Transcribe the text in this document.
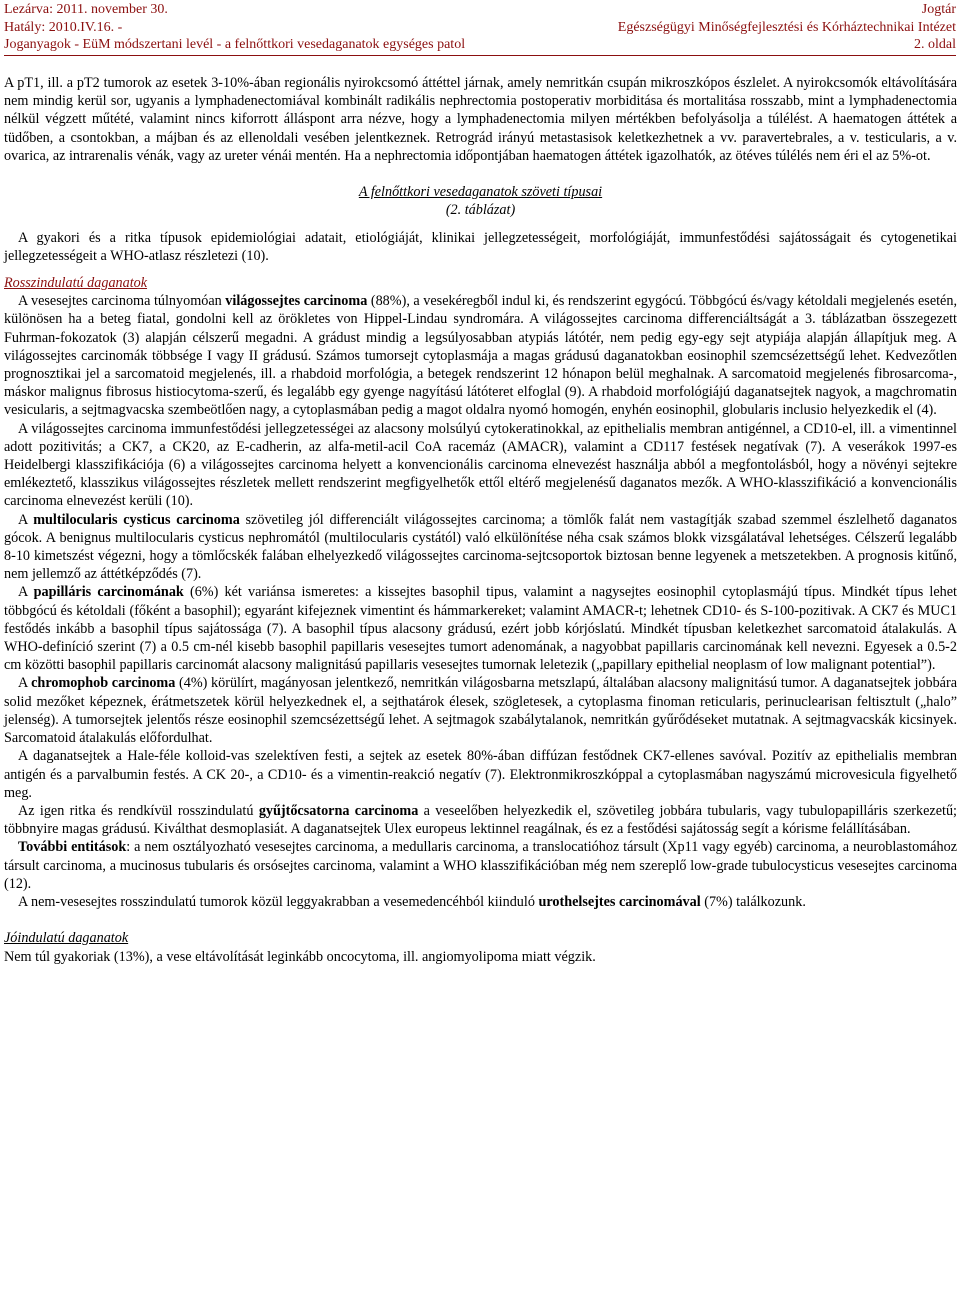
Lezárva: 2011. november 30.
Hatály: 2010.IV.16. -
Joganyagok - EüM módszertani levél - a felnőttkori vesedaganatok egységes patol
Jogtár
Egészségügyi Minőségfejlesztési és Kórháztechnikai Intézet
2. oldal

A pT1, ill. a pT2 tumorok az esetek 3-10%-ában regionális nyirokcsomó áttéttel járnak, amely nemritkán csupán mikroszkópos észlelet. A nyirokcsomók eltávolítására nem mindig kerül sor, ugyanis a lymphadenectomiával kombinált radikális nephrectomia postoperativ morbiditása és mortalitása rosszabb, mint a lymphadenectomia nélkül végzett műtété, valamint nincs kiforrott álláspont arra nézve, hogy a lymphadenectomia milyen mértékben befolyásolja a túlélést. A haematogen áttétek a tüdőben, a csontokban, a májban és az ellenoldali vesében jelentkeznek. Retrográd irányú metastasisok keletkezhetnek a vv. paravertebrales, a v. testicularis, a v. ovarica, az intrarenalis vénák, vagy az ureter vénái mentén. Ha a nephrectomia időpontjában haematogen áttétek igazolhatók, az ötéves túlélés nem éri el az 5%-ot.

A felnőttkori vesedaganatok szöveti típusai

(2. táblázat)

A gyakori és a ritka típusok epidemiológiai adatait, etiológiáját, klinikai jellegzetességeit, morfológiáját, immunfestődési sajátosságait és cytogenetikai jellegzetességeit a WHO-atlasz részletezi (10).

Rosszindulatú daganatok

A vesesejtes carcinoma túlnyomóan világossejtes carcinoma (88%), a vesekéregből indul ki, és rendszerint egygócú. Többgócú és/vagy kétoldali megjelenés esetén, különösen ha a beteg fiatal, gondolni kell az örökletes von Hippel-Lindau syndromára. A világossejtes carcinoma differenciáltságát a 3. táblázatban összegezett Fuhrman-fokozatok (3) alapján célszerű megadni. A grádust mindig a legsúlyosabban atypiás látótér, nem pedig egy-egy sejt atypiája alapján állapítjuk meg. A világossejtes carcinomák többsége I vagy II grádusú. Számos tumorsejt cytoplasmája a magas grádusú daganatokban eosinophil szemcsézettségű lehet. Kedvezőtlen prognosztikai jel a sarcomatoid megjelenés, ill. a rhabdoid morfológia, a betegek rendszerint 12 hónapon belül meghalnak. A sarcomatoid megjelenés fibrosarcoma-, máskor malignus fibrosus histiocytoma-szerű, és legalább egy gyenge nagyítású látóteret elfoglal (9). A rhabdoid morfológiájú daganatsejtek nagyok, a magchromatin vesicularis, a sejtmagvacska szembeötlően nagy, a cytoplasmában pedig a magot oldalra nyomó homogén, enyhén eosinophil, globularis inclusio helyezkedik el (4).

A világossejtes carcinoma immunfestődési jellegzetességei az alacsony molsúlyú cytokeratinokkal, az epithelialis membran antigénnel, a CD10-el, ill. a vimentinnel adott pozitivitás; a CK7, a CK20, az E-cadherin, az alfa-metil-acil CoA racemáz (AMACR), valamint a CD117 festések negatívak (7). A veserákok 1997-es Heidelbergi klasszifikációja (6) a világossejtes carcinoma helyett a konvencionális carcinoma elnevezést használja abból a megfontolásból, hogy a növényi sejtekre emlékeztető, klasszikus világossejtes részletek mellett rendszerint megfigyelhetők ettől eltérő megjelenésű daganatos mezők. A WHO-klasszifikáció a konvencionális carcinoma elnevezést kerüli (10).

A multilocularis cysticus carcinoma szövetileg jól differenciált világossejtes carcinoma; a tömlők falát nem vastagítják szabad szemmel észlelhető daganatos gócok. A benignus multilocularis cysticus nephromától (multilocularis cystától) való elkülönítése néha csak számos blokk vizsgálatával lehetséges. Célszerű legalább 8-10 kimetszést végezni, hogy a tömlőcskék falában elhelyezkedő világossejtes carcinoma-sejtcsoportok biztosan benne legyenek a metszetekben. A prognosis kitűnő, nem jellemző az áttétképződés (7).

A papilláris carcinomának (6%) két variánsa ismeretes: a kissejtes basophil tipus, valamint a nagysejtes eosinophil cytoplasmájú típus. Mindkét típus lehet többgócú és kétoldali (főként a basophil); egyaránt kifejeznek vimentint és hámmarkereket; valamint AMACR-t; lehetnek CD10- és S-100-pozitivak. A CK7 és MUC1 festődés inkább a basophil típus sajátossága (7). A basophil típus alacsony grádusú, ezért jobb kórjóslatú. Mindkét típusban keletkezhet sarcomatoid átalakulás. A WHO-definíció szerint (7) a 0.5 cm-nél kisebb basophil papillaris vesesejtes tumort adenomának, a nagyobbat papillaris carcinomának kell nevezni. Egyesek a 0.5-2 cm közötti basophil papillaris carcinomát alacsony malignitású papillaris vesesejtes tumornak leletezik („papillary epithelial neoplasm of low malignant potential”).

A chromophob carcinoma (4%) körülírt, magányosan jelentkező, nemritkán világosbarna metszlapú, általában alacsony malignitású tumor. A daganatsejtek jobbára solid mezőket képeznek, érátmetszetek körül helyezkednek el, a sejthatárok élesek, szögletesek, a cytoplasma finoman reticularis, perinuclearisan feltisztult („halo” jelenség). A tumorsejtek jelentős része eosinophil szemcsézettségű lehet. A sejtmagok szabálytalanok, nemritkán gyűrődéseket mutatnak. A sejtmagvacskák kicsinyek. Sarcomatoid átalakulás előfordulhat.

A daganatsejtek a Hale-féle kolloid-vas szelektíven festi, a sejtek az esetek 80%-ában diffúzan festődnek CK7-ellenes savóval. Pozitív az epithelialis membran antigén és a parvalbumin festés. A CK 20-, a CD10- és a vimentin-reakció negatív (7). Elektronmikroszkóppal a cytoplasmában nagyszámú microvesicula figyelhető meg.

Az igen ritka és rendkívül rosszindulatú gyűjtőcsatorna carcinoma a veseelőben helyezkedik el, szövetileg jobbára tubularis, vagy tubulopapilláris szerkezetű; többnyire magas grádusú. Kiválthat desmoplasiát. A daganatsejtek Ulex europeus lektinnel reagálnak, és ez a festődési sajátosság segít a kórisme felállításában.

További entitások: a nem osztályozható vesesejtes carcinoma, a medullaris carcinoma, a translocatióhoz társult (Xp11 vagy egyéb) carcinoma, a neuroblastomához társult carcinoma, a mucinosus tubularis és orsósejtes carcinoma, valamint a WHO klasszifikációban még nem szereplő low-grade tubulocysticus vesesejtes carcinoma (12).

A nem-vesesejtes rosszindulatú tumorok közül leggyakrabban a vesemedencéhból kiinduló urothelsejtes carcinomával (7%) találkozunk.

Jóindulatú daganatok

Nem túl gyakoriak (13%), a vese eltávolítását leginkább oncocytoma, ill. angiomyolipoma miatt végzik.
